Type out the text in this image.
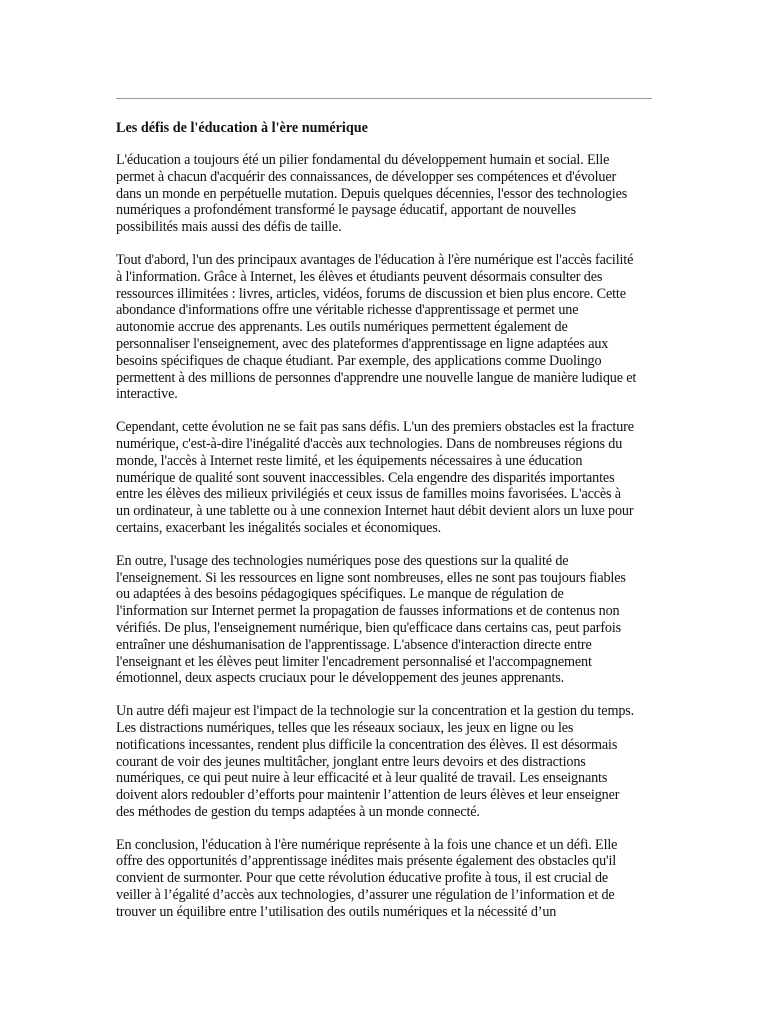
Les défis de l'éducation à l'ère numérique

L'éducation a toujours été un pilier fondamental du développement humain et social. Elle
permet à chacun d'acquérir des connaissances, de développer ses compétences et d'évoluer
dans un monde en perpétuelle mutation. Depuis quelques décennies, l'essor des technologies
numériques a profondément transformé le paysage éducatif, apportant de nouvelles
possibilités mais aussi des défis de taille.

Tout d'abord, l'un des principaux avantages de l'éducation à l'ère numérique est l'accès facilité
à l'information. Grâce à Internet, les élèves et étudiants peuvent désormais consulter des
ressources illimitées : livres, articles, vidéos, forums de discussion et bien plus encore. Cette
abondance d'informations offre une véritable richesse d'apprentissage et permet une
autonomie accrue des apprenants. Les outils numériques permettent également de
personnaliser l'enseignement, avec des plateformes d'apprentissage en ligne adaptées aux
besoins spécifiques de chaque étudiant. Par exemple, des applications comme Duolingo
permettent à des millions de personnes d'apprendre une nouvelle langue de manière ludique et
interactive.

Cependant, cette évolution ne se fait pas sans défis. L'un des premiers obstacles est la fracture
numérique, c'est-à-dire l'inégalité d'accès aux technologies. Dans de nombreuses régions du
monde, l'accès à Internet reste limité, et les équipements nécessaires à une éducation
numérique de qualité sont souvent inaccessibles. Cela engendre des disparités importantes
entre les élèves des milieux privilégiés et ceux issus de familles moins favorisées. L'accès à
un ordinateur, à une tablette ou à une connexion Internet haut débit devient alors un luxe pour
certains, exacerbant les inégalités sociales et économiques.

En outre, l'usage des technologies numériques pose des questions sur la qualité de
l'enseignement. Si les ressources en ligne sont nombreuses, elles ne sont pas toujours fiables
ou adaptées à des besoins pédagogiques spécifiques. Le manque de régulation de
l'information sur Internet permet la propagation de fausses informations et de contenus non
vérifiés. De plus, l'enseignement numérique, bien qu'efficace dans certains cas, peut parfois
entraîner une déshumanisation de l'apprentissage. L'absence d'interaction directe entre
l'enseignant et les élèves peut limiter l'encadrement personnalisé et l'accompagnement
émotionnel, deux aspects cruciaux pour le développement des jeunes apprenants.

Un autre défi majeur est l'impact de la technologie sur la concentration et la gestion du temps.
Les distractions numériques, telles que les réseaux sociaux, les jeux en ligne ou les
notifications incessantes, rendent plus difficile la concentration des élèves. Il est désormais
courant de voir des jeunes multitâcher, jonglant entre leurs devoirs et des distractions
numériques, ce qui peut nuire à leur efficacité et à leur qualité de travail. Les enseignants
doivent alors redoubler d’efforts pour maintenir l’attention de leurs élèves et leur enseigner
des méthodes de gestion du temps adaptées à un monde connecté.

En conclusion, l'éducation à l'ère numérique représente à la fois une chance et un défi. Elle
offre des opportunités d’apprentissage inédites mais présente également des obstacles qu'il
convient de surmonter. Pour que cette révolution éducative profite à tous, il est crucial de
veiller à l’égalité d’accès aux technologies, d’assurer une régulation de l’information et de
trouver un équilibre entre l’utilisation des outils numériques et la nécessité d’un
